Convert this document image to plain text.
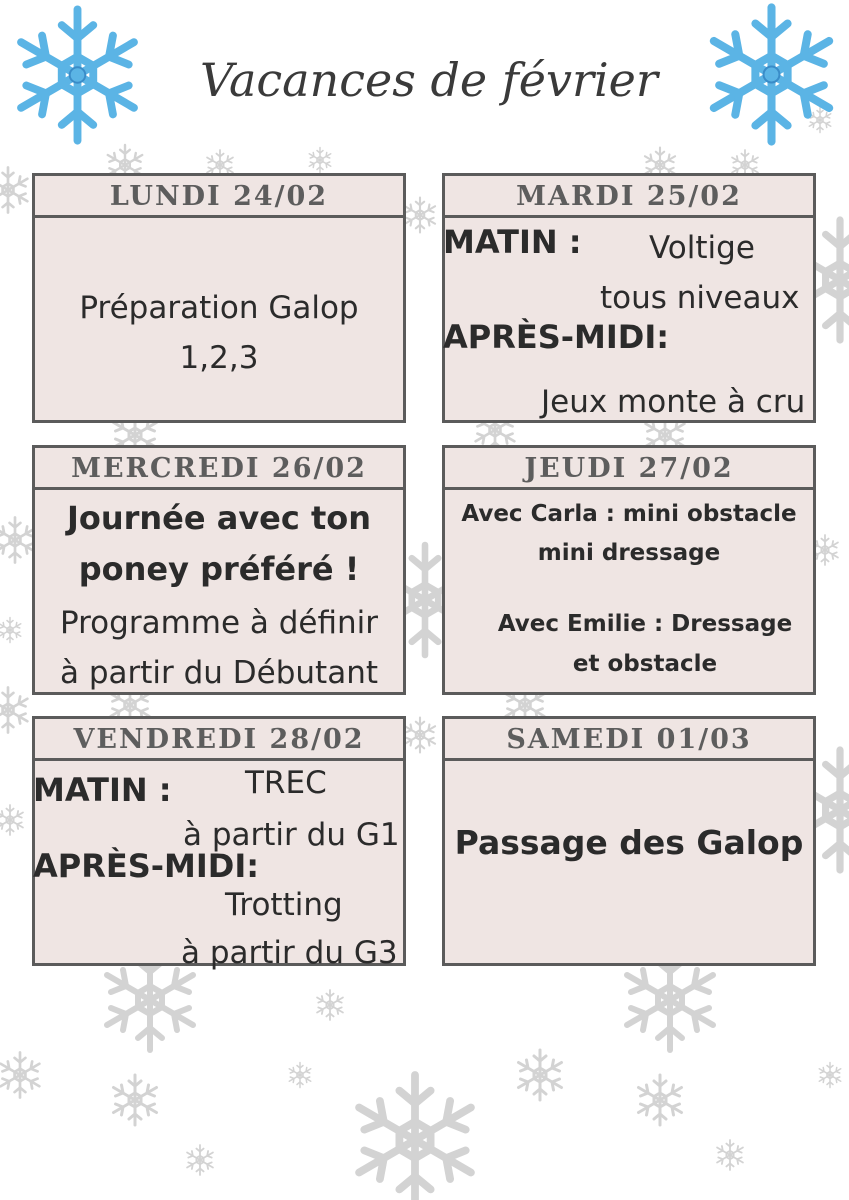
Vacances de février
LUNDI 24/02
Préparation Galop
1,2,3
MARDI 25/02
MATIN : Voltige
tous niveaux
APRÈS-MIDI:
Jeux monte à cru
MERCREDI 26/02
Journée avec ton
poney préféré !
Programme à définir
à partir du Débutant
JEUDI 27/02
Avec Carla : mini obstacle
mini dressage
Avec Emilie : Dressage
et obstacle
VENDREDI 28/02
MATIN : TREC
à partir du G1
APRÈS-MIDI:
Trotting
à partir du G3
SAMEDI 01/03
Passage des Galop
